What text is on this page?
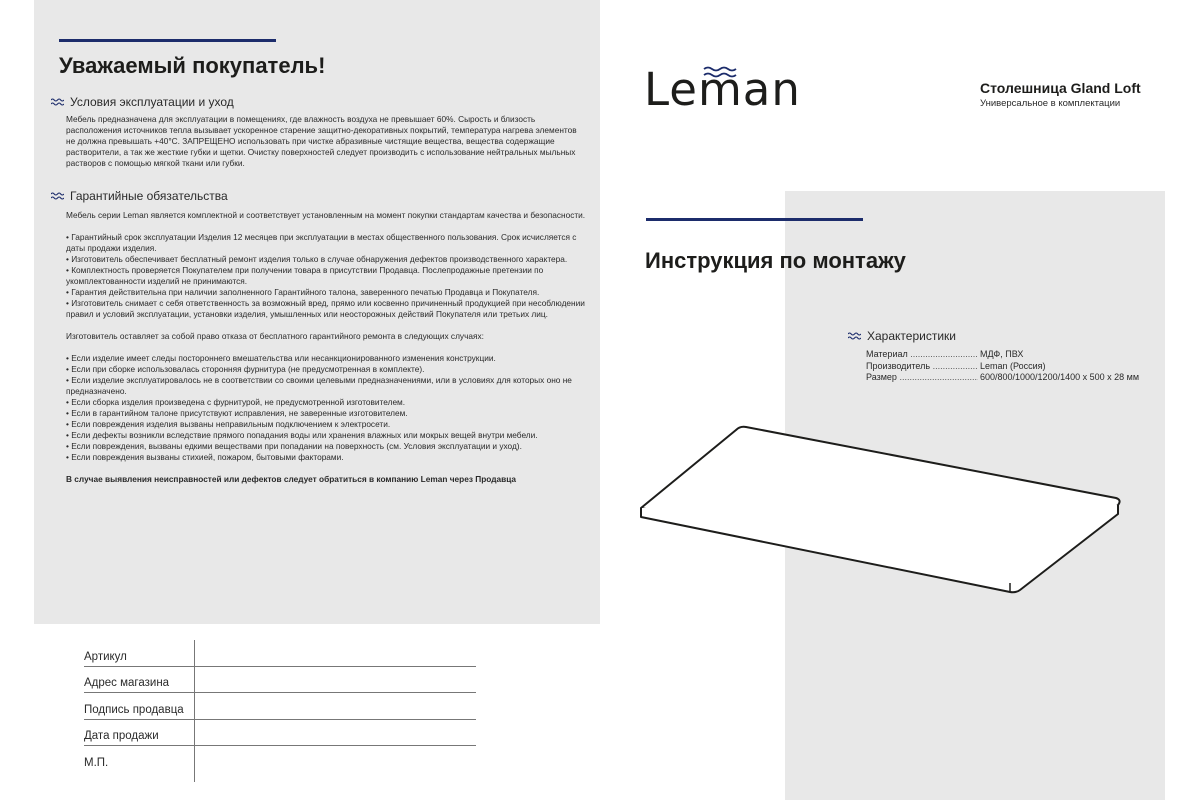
Уважаемый покупатель!
Условия эксплуатации и уход

Мебель предназначена для эксплуатации в помещениях, где влажность воздуха не превышает 60%. Сырость и близость расположения источников тепла вызывает ускоренное старение защитно-декоративных покрытий, температура нагрева элементов не должна превышать +40°С. ЗАПРЕЩЕНО использовать при чистке абразивные чистящие вещества, вещества содержащие растворители, а так же жесткие губки и щетки. Очистку поверхностей следует производить с использование нейтральных мыльных растворов с помощью мягкой ткани или губки.

Гарантийные обязательства

Мебель серии Leman является комплектной и соответствует установленным на момент покупки стандартам качества и безопасности.

• Гарантийный срок эксплуатации Изделия 12 месяцев при эксплуатации в местах общественного пользования. Срок исчисляется с даты продажи изделия.

• Изготовитель обеспечивает бесплатный ремонт изделия только в случае обнаружения дефектов производственного характера.

• Комплектность проверяется Покупателем при получении товара в присутствии Продавца. Послепродажные претензии по укомплектованности изделий не принимаются.

• Гарантия действительна при наличии заполненного Гарантийного талона, заверенного печатью Продавца и Покупателя.

• Изготовитель снимает с себя ответственность за возможный вред, прямо или косвенно причиненный продукцией при несоблюдении правил и условий эксплуатации, установки изделия, умышленных или неосторожных действий Покупателя или третьих лиц.

Изготовитель оставляет за собой право отказа от бесплатного гарантийного ремонта в следующих случаях:

• Если изделие имеет следы постороннего вмешательства или несанкционированного изменения конструкции.

• Если при сборке использовалась сторонняя фурнитура (не предусмотренная в комплекте).

• Если изделие эксплуатировалось не в соответствии со своими целевыми предназначениями, или в условиях для которых оно не предназначено.

• Если сборка изделия произведена с фурнитурой, не предусмотренной изготовителем.

• Если в гарантийном талоне присутствуют исправления, не заверенные изготовителем.

• Если повреждения изделия вызваны неправильным подключением к электросети.

• Если дефекты возникли вследствие прямого попадания воды или хранения влажных или мокрых вещей внутри мебели.

• Если повреждения, вызваны едкими веществами при попадании на поверхность (см. Условия эксплуатации и уход).

• Если повреждения вызваны стихией, пожаром, бытовыми факторами.

В случае выявления неисправностей или дефектов следует обратиться в компанию Leman через Продавца

Артикул
Адрес магазина
Подпись продавца
Дата продажи
М.П.
Leman	Столешница Gland Loft
Универсальное в комплектации
Инструкция по монтажу
Характеристики
Материал .....	МДФ, ПВХ
Производитель .....	Leman (Россия)
Размер .....	600/800/1000/1200/1400 х 500 х 28 мм
